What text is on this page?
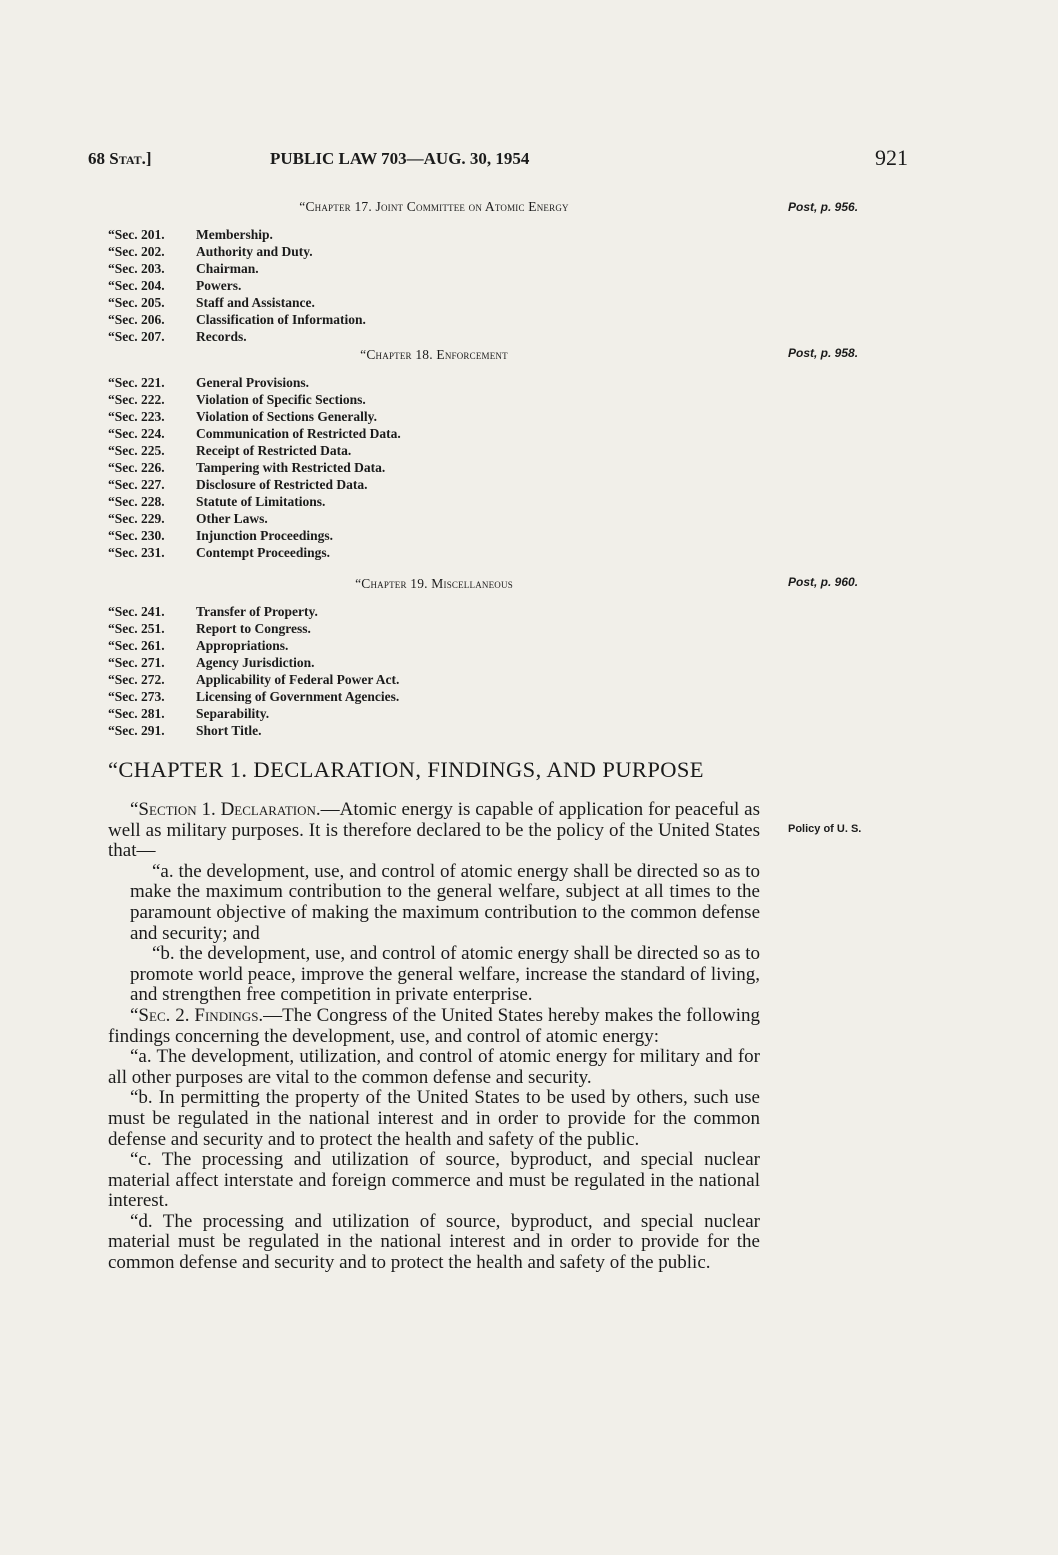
68 Stat.]	PUBLIC LAW 703—AUG. 30, 1954	921
“Chapter 17. Joint Committee on Atomic Energy	Post, p. 956.
“Sec. 201. Membership.
“Sec. 202. Authority and Duty.
“Sec. 203. Chairman.
“Sec. 204. Powers.
“Sec. 205. Staff and Assistance.
“Sec. 206. Classification of Information.
“Sec. 207. Records.
“Chapter 18. Enforcement	Post, p. 958.
“Sec. 221. General Provisions.
“Sec. 222. Violation of Specific Sections.
“Sec. 223. Violation of Sections Generally.
“Sec. 224. Communication of Restricted Data.
“Sec. 225. Receipt of Restricted Data.
“Sec. 226. Tampering with Restricted Data.
“Sec. 227. Disclosure of Restricted Data.
“Sec. 228. Statute of Limitations.
“Sec. 229. Other Laws.
“Sec. 230. Injunction Proceedings.
“Sec. 231. Contempt Proceedings.
“Chapter 19. Miscellaneous	Post, p. 960.
“Sec. 241. Transfer of Property.
“Sec. 251. Report to Congress.
“Sec. 261. Appropriations.
“Sec. 271. Agency Jurisdiction.
“Sec. 272. Applicability of Federal Power Act.
“Sec. 273. Licensing of Government Agencies.
“Sec. 281. Separability.
“Sec. 291. Short Title.
“CHAPTER 1. DECLARATION, FINDINGS, AND PURPOSE
Policy of U. S.

“Section 1. Declaration.—Atomic energy is capable of application for peaceful as well as military purposes. It is therefore declared to be the policy of the United States that—

“a. the development, use, and control of atomic energy shall be directed so as to make the maximum contribution to the general welfare, subject at all times to the paramount objective of making the maximum contribution to the common defense and security; and

“b. the development, use, and control of atomic energy shall be directed so as to promote world peace, improve the general welfare, increase the standard of living, and strengthen free competition in private enterprise.

“Sec. 2. Findings.—The Congress of the United States hereby makes the following findings concerning the development, use, and control of atomic energy:

“a. The development, utilization, and control of atomic energy for military and for all other purposes are vital to the common defense and security.

“b. In permitting the property of the United States to be used by others, such use must be regulated in the national interest and in order to provide for the common defense and security and to protect the health and safety of the public.

“c. The processing and utilization of source, byproduct, and special nuclear material affect interstate and foreign commerce and must be regulated in the national interest.

“d. The processing and utilization of source, byproduct, and special nuclear material must be regulated in the national interest and in order to provide for the common defense and security and to protect the health and safety of the public.
